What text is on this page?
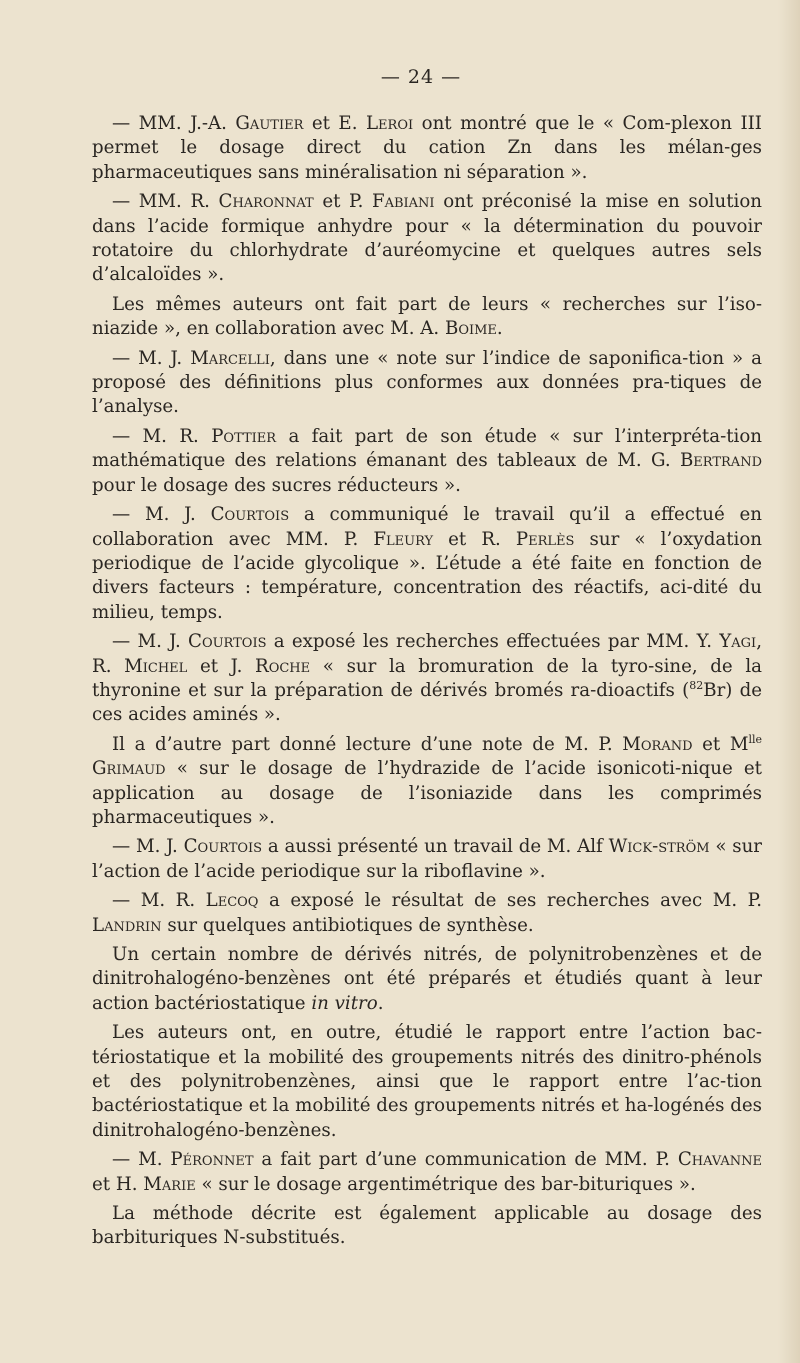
— 24 —

— MM. J.-A. Gautier et E. Leroi ont montré que le « Com-plexon III permet le dosage direct du cation Zn dans les mélan-ges pharmaceutiques sans minéralisation ni séparation ».

— MM. R. Charonnat et P. Fabiani ont préconisé la mise en solution dans l’acide formique anhydre pour « la détermination du pouvoir rotatoire du chlorhydrate d’auréomycine et quelques autres sels d’alcaloïdes ».

Les mêmes auteurs ont fait part de leurs « recherches sur l’iso-niazide », en collaboration avec M. A. Boime.

— M. J. Marcelli, dans une « note sur l’indice de saponifica-tion » a proposé des définitions plus conformes aux données pra-tiques de l’analyse.

— M. R. Pottier a fait part de son étude « sur l’interpréta-tion mathématique des relations émanant des tableaux de M. G. Bertrand pour le dosage des sucres réducteurs ».

— M. J. Courtois a communiqué le travail qu’il a effectué en collaboration avec MM. P. Fleury et R. Perlès sur « l’oxydation periodique de l’acide glycolique ». L’étude a été faite en fonction de divers facteurs : température, concentration des réactifs, aci-dité du milieu, temps.

— M. J. Courtois a exposé les recherches effectuées par MM. Y. Yagi, R. Michel et J. Roche « sur la bromuration de la tyro-sine, de la thyronine et sur la préparation de dérivés bromés ra-dioactifs ($^{82}$Br) de ces acides aminés ».

Il a d’autre part donné lecture d’une note de M. P. Morand et $M^{lle}$ Grimaud « sur le dosage de l’hydrazide de l’acide isonicoti-nique et application au dosage de l’isoniazide dans les comprimés pharmaceutiques ».

— M. J. Courtois a aussi présenté un travail de M. Alf Wick-ström « sur l’action de l’acide periodique sur la riboflavine ».

— M. R. Lecoq a exposé le résultat de ses recherches avec M. P. Landrin sur quelques antibiotiques de synthèse.

Un certain nombre de dérivés nitrés, de polynitrobenzènes et de dinitrohalogéno-benzènes ont été préparés et étudiés quant à leur action bactériostatique in vitro.

Les auteurs ont, en outre, étudié le rapport entre l’action bac-tériostatique et la mobilité des groupements nitrés des dinitro-phénols et des polynitrobenzènes, ainsi que le rapport entre l’ac-tion bactériostatique et la mobilité des groupements nitrés et ha-logénés des dinitrohalogéno-benzènes.

— M. Péronnet a fait part d’une communication de MM. P. Chavanne et H. Marie « sur le dosage argentimétrique des bar-bituriques ».

La méthode décrite est également applicable au dosage des barbituriques N-substitués.
